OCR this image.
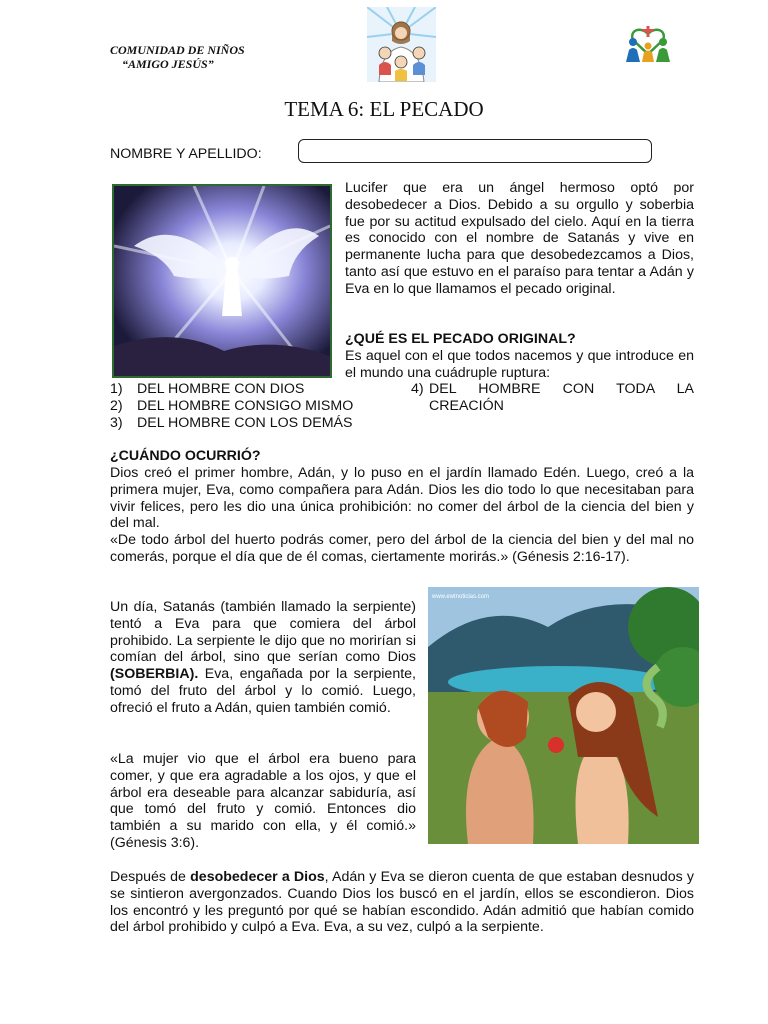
COMUNIDAD DE NIÑOS
“AMIGO JESÚS”
TEMA 6: EL PECADO
NOMBRE Y APELLIDO:
Lucifer que era un ángel hermoso optó por desobedecer a Dios. Debido a su orgullo y soberbia fue por su actitud expulsado del cielo. Aquí en la tierra es conocido con el nombre de Satanás y vive en permanente lucha para que desobedezcamos a Dios, tanto así que estuvo en el paraíso para tentar a Adán y Eva en lo que llamamos el pecado original.
¿QUÉ ES EL PECADO ORIGINAL?
Es aquel con el que todos nacemos y que introduce en el mundo una cuádruple ruptura:
1) DEL HOMBRE CON DIOS
2) DEL HOMBRE CONSIGO MISMO
3) DEL HOMBRE CON LOS DEMÁS
4) DEL HOMBRE CON TODA LA CREACIÓN
¿CUÁNDO OCURRIÓ?
Dios creó el primer hombre, Adán, y lo puso en el jardín llamado Edén. Luego, creó a la primera mujer, Eva, como compañera para Adán. Dios les dio todo lo que necesitaban para vivir felices, pero les dio una única prohibición: no comer del árbol de la ciencia del bien y del mal.
«De todo árbol del huerto podrás comer, pero del árbol de la ciencia del bien y del mal no comerás, porque el día que de él comas, ciertamente morirás.» (Génesis 2:16-17).
Un día, Satanás (también llamado la serpiente) tentó a Eva para que comiera del árbol prohibido. La serpiente le dijo que no morirían si comían del árbol, sino que serían como Dios (SOBERBIA). Eva, engañada por la serpiente, tomó del fruto del árbol y lo comió. Luego, ofreció el fruto a Adán, quien también comió.
«La mujer vio que el árbol era bueno para comer, y que era agradable a los ojos, y que el árbol era deseable para alcanzar sabiduría, así que tomó del fruto y comió. Entonces dio también a su marido con ella, y él comió.» (Génesis 3:6).
www.ewtnoticias.com
Después de desobedecer a Dios, Adán y Eva se dieron cuenta de que estaban desnudos y se sintieron avergonzados. Cuando Dios los buscó en el jardín, ellos se escondieron. Dios los encontró y les preguntó por qué se habían escondido. Adán admitió que habían comido del árbol prohibido y culpó a Eva. Eva, a su vez, culpó a la serpiente.
